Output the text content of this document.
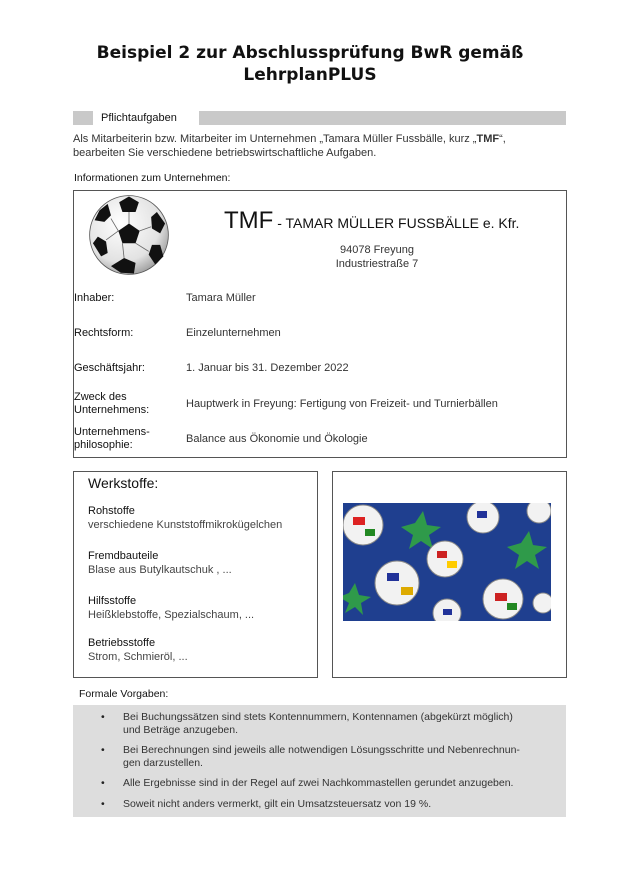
Beispiel 2 zur Abschlussprüfung BwR gemäß
LehrplanPLUS
Pflichtaufgaben
Als Mitarbeiterin bzw. Mitarbeiter im Unternehmen „Tamara Müller Fussbälle, kurz „TMF“,
bearbeiten Sie verschiedene betriebswirtschaftliche Aufgaben.
Informationen zum Unternehmen:
TMF - TAMAR MÜLLER FUSSBÄLLE e. Kfr.
94078 Freyung
Industriestraße 7
Inhaber:	Tamara Müller
Rechtsform:	Einzelunternehmen
Geschäftsjahr:	1. Januar bis 31. Dezember 2022
Zweck des
Unternehmens:	Hauptwerk in Freyung: Fertigung von Freizeit- und Turnierbällen
Unternehmens-
philosophie:	Balance aus Ökonomie und Ökologie
Werkstoffe:
Rohstoffe
verschiedene Kunststoffmikrokügelchen
Fremdbauteile
Blase aus Butylkautschuk , ...
Hilfsstoffe
Heißklebstoffe, Spezialschaum, ...
Betriebsstoffe
Strom, Schmieröl, ...
Formale Vorgaben:
• Bei Buchungssätzen sind stets Kontennummern, Kontennamen (abgekürzt möglich)
und Beträge anzugeben.
• Bei Berechnungen sind jeweils alle notwendigen Lösungsschritte und Nebenrechnun-
gen darzustellen.
• Alle Ergebnisse sind in der Regel auf zwei Nachkommastellen gerundet anzugeben.
• Soweit nicht anders vermerkt, gilt ein Umsatzsteuersatz von 19 %.
